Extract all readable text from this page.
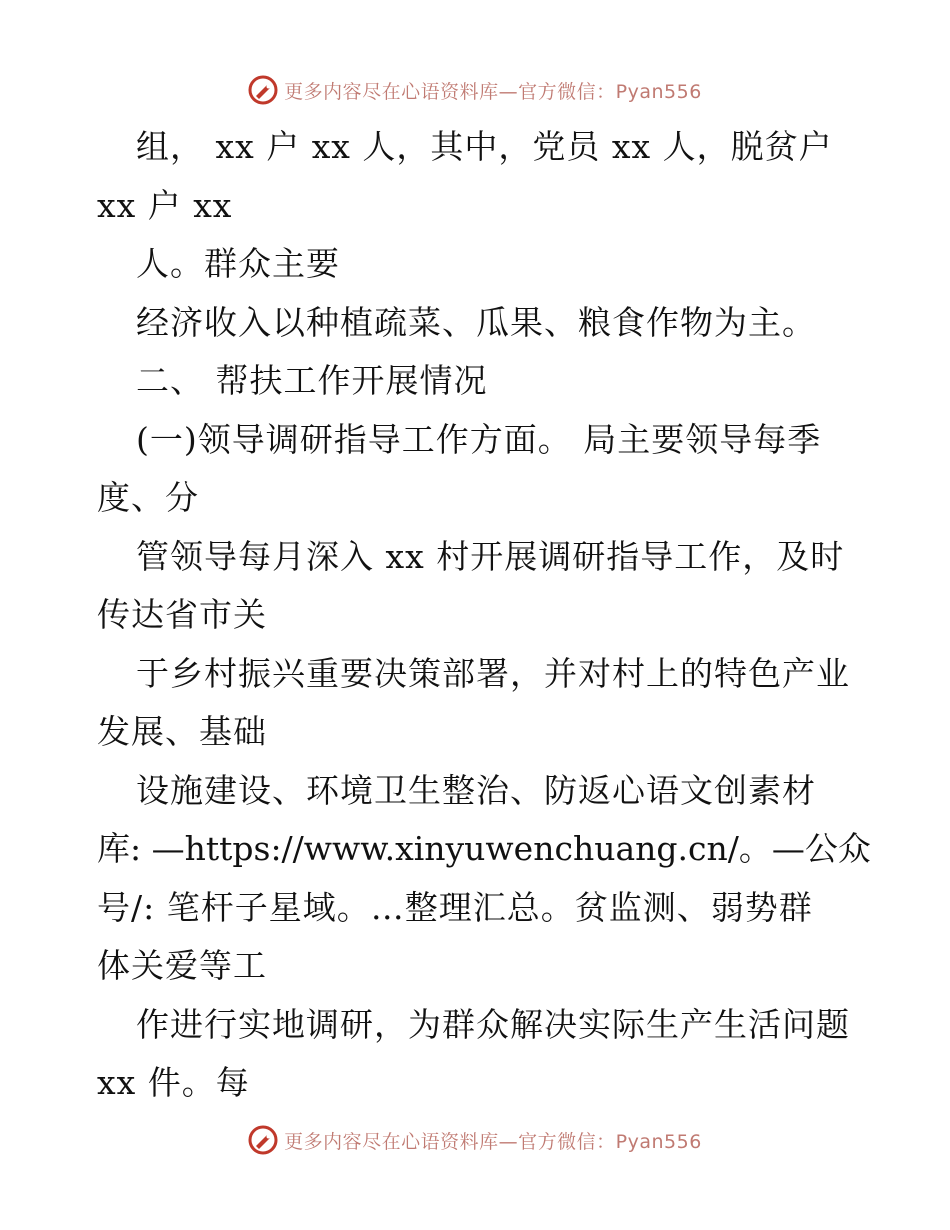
更多内容尽在心语资料库—官方微信：Pyan556
组， xx 户 xx 人，其中，党员 xx 人，脱贫户
xx 户 xx
人。群众主要
经济收入以种植疏菜、瓜果、粮食作物为主。
二、 帮扶工作开展情况
(一)领导调研指导工作方面。 局主要领导每季
度、分
管领导每月深入 xx 村开展调研指导工作，及时
传达省市关
于乡村振兴重要决策部署，并对村上的特色产业
发展、基础
设施建设、环境卫生整治、防返心语文创素材
库: —https://www.xinyuwenchuang.cn/。—公众
号/: 笔杆子星域。…整理汇总。贫监测、弱势群
体关爱等工
作进行实地调研，为群众解决实际生产生活问题
xx 件。每
更多内容尽在心语资料库—官方微信：Pyan556
